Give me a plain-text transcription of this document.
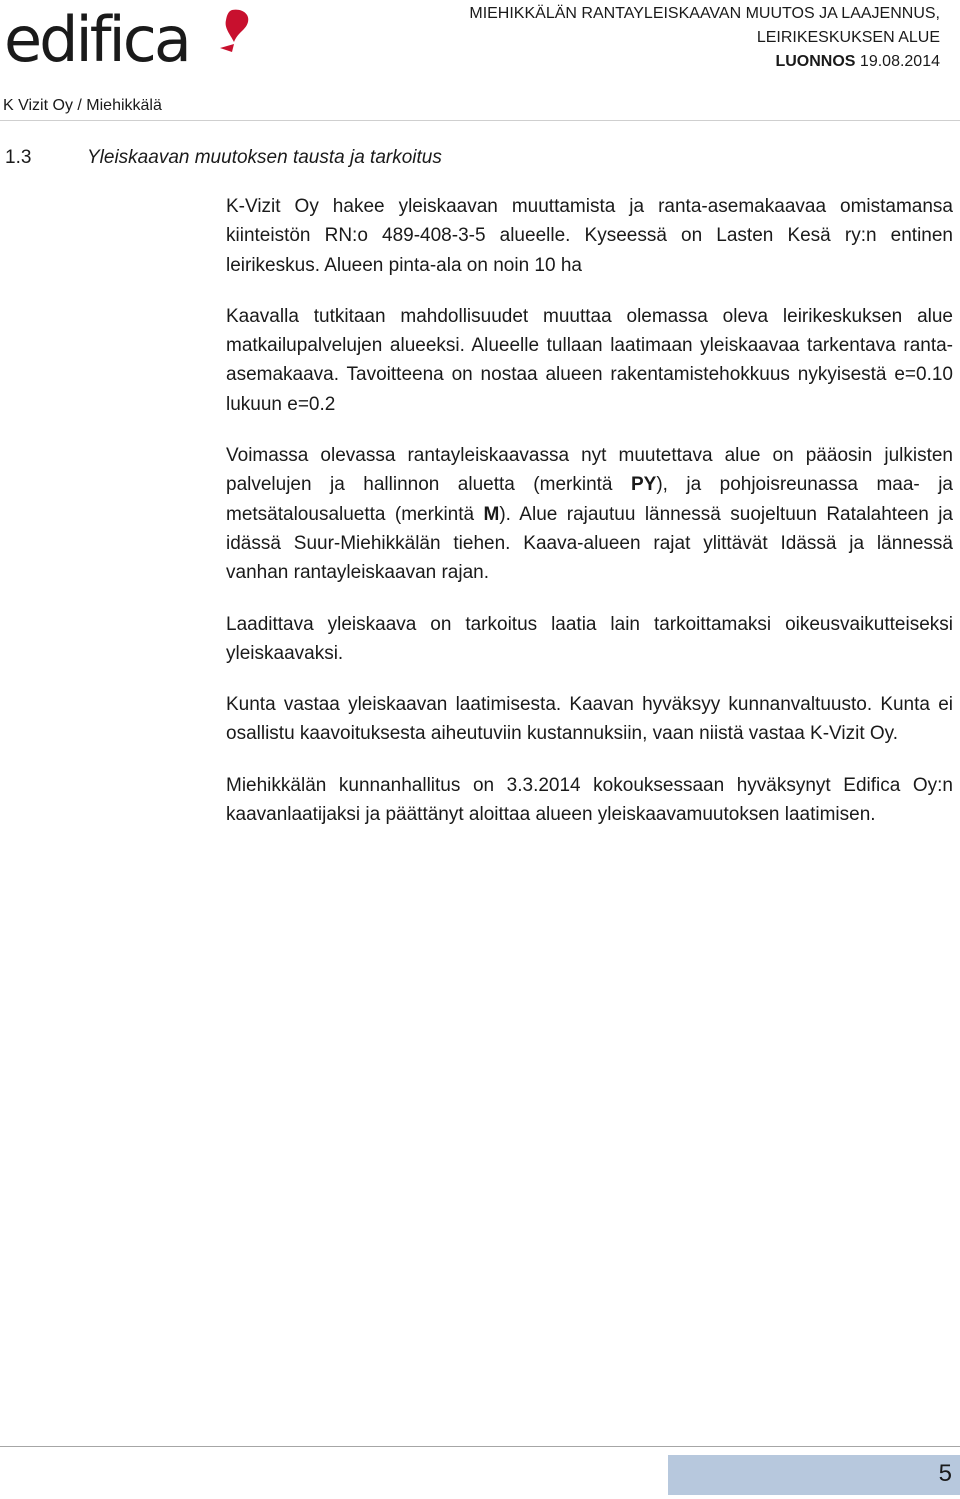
edifica	MIEHIKKÄLÄN RANTAYLEISKAAVAN MUUTOS JA LAAJENNUS,
LEIRIKESKUKSEN ALUE
LUONNOS 19.08.2014
K Vizit Oy / Miehikkälä
1.3	Yleiskaavan muutoksen tausta ja tarkoitus

K-Vizit Oy hakee yleiskaavan muuttamista ja ranta-asemakaavaa omistamansa kiinteistön RN:o 489-408-3-5 alueelle. Kyseessä on Lasten Kesä ry:n entinen leirikeskus. Alueen pinta-ala on noin 10 ha

Kaavalla tutkitaan mahdollisuudet muuttaa olemassa oleva leirikeskuksen alue matkailupalvelujen alueeksi. Alueelle tullaan laatimaan yleiskaavaa tarkentava ranta-asemakaava. Tavoitteena on nostaa alueen rakentamistehokkuus nykyisestä e=0.10 lukuun e=0.2

Voimassa olevassa rantayleiskaavassa nyt muutettava alue on pääosin julkisten palvelujen ja hallinnon aluetta (merkintä PY), ja pohjoisreunassa maa- ja metsätalousaluetta (merkintä M). Alue rajautuu lännessä suojeltuun Ratalahteen ja idässä Suur-Miehikkälän tiehen. Kaava-alueen rajat ylittävät Idässä ja lännessä vanhan rantayleiskaavan rajan.

Laadittava yleiskaava on tarkoitus laatia lain tarkoittamaksi oikeusvaikutteiseksi yleiskaavaksi.

Kunta vastaa yleiskaavan laatimisesta. Kaavan hyväksyy kunnanvaltuusto. Kunta ei osallistu kaavoituksesta aiheutuviin kustannuksiin, vaan niistä vastaa K-Vizit Oy.

Miehikkälän kunnanhallitus on 3.3.2014 kokouksessaan hyväksynyt Edifica Oy:n kaavanlaatijaksi ja päättänyt aloittaa alueen yleiskaavamuutoksen laatimisen.

5
